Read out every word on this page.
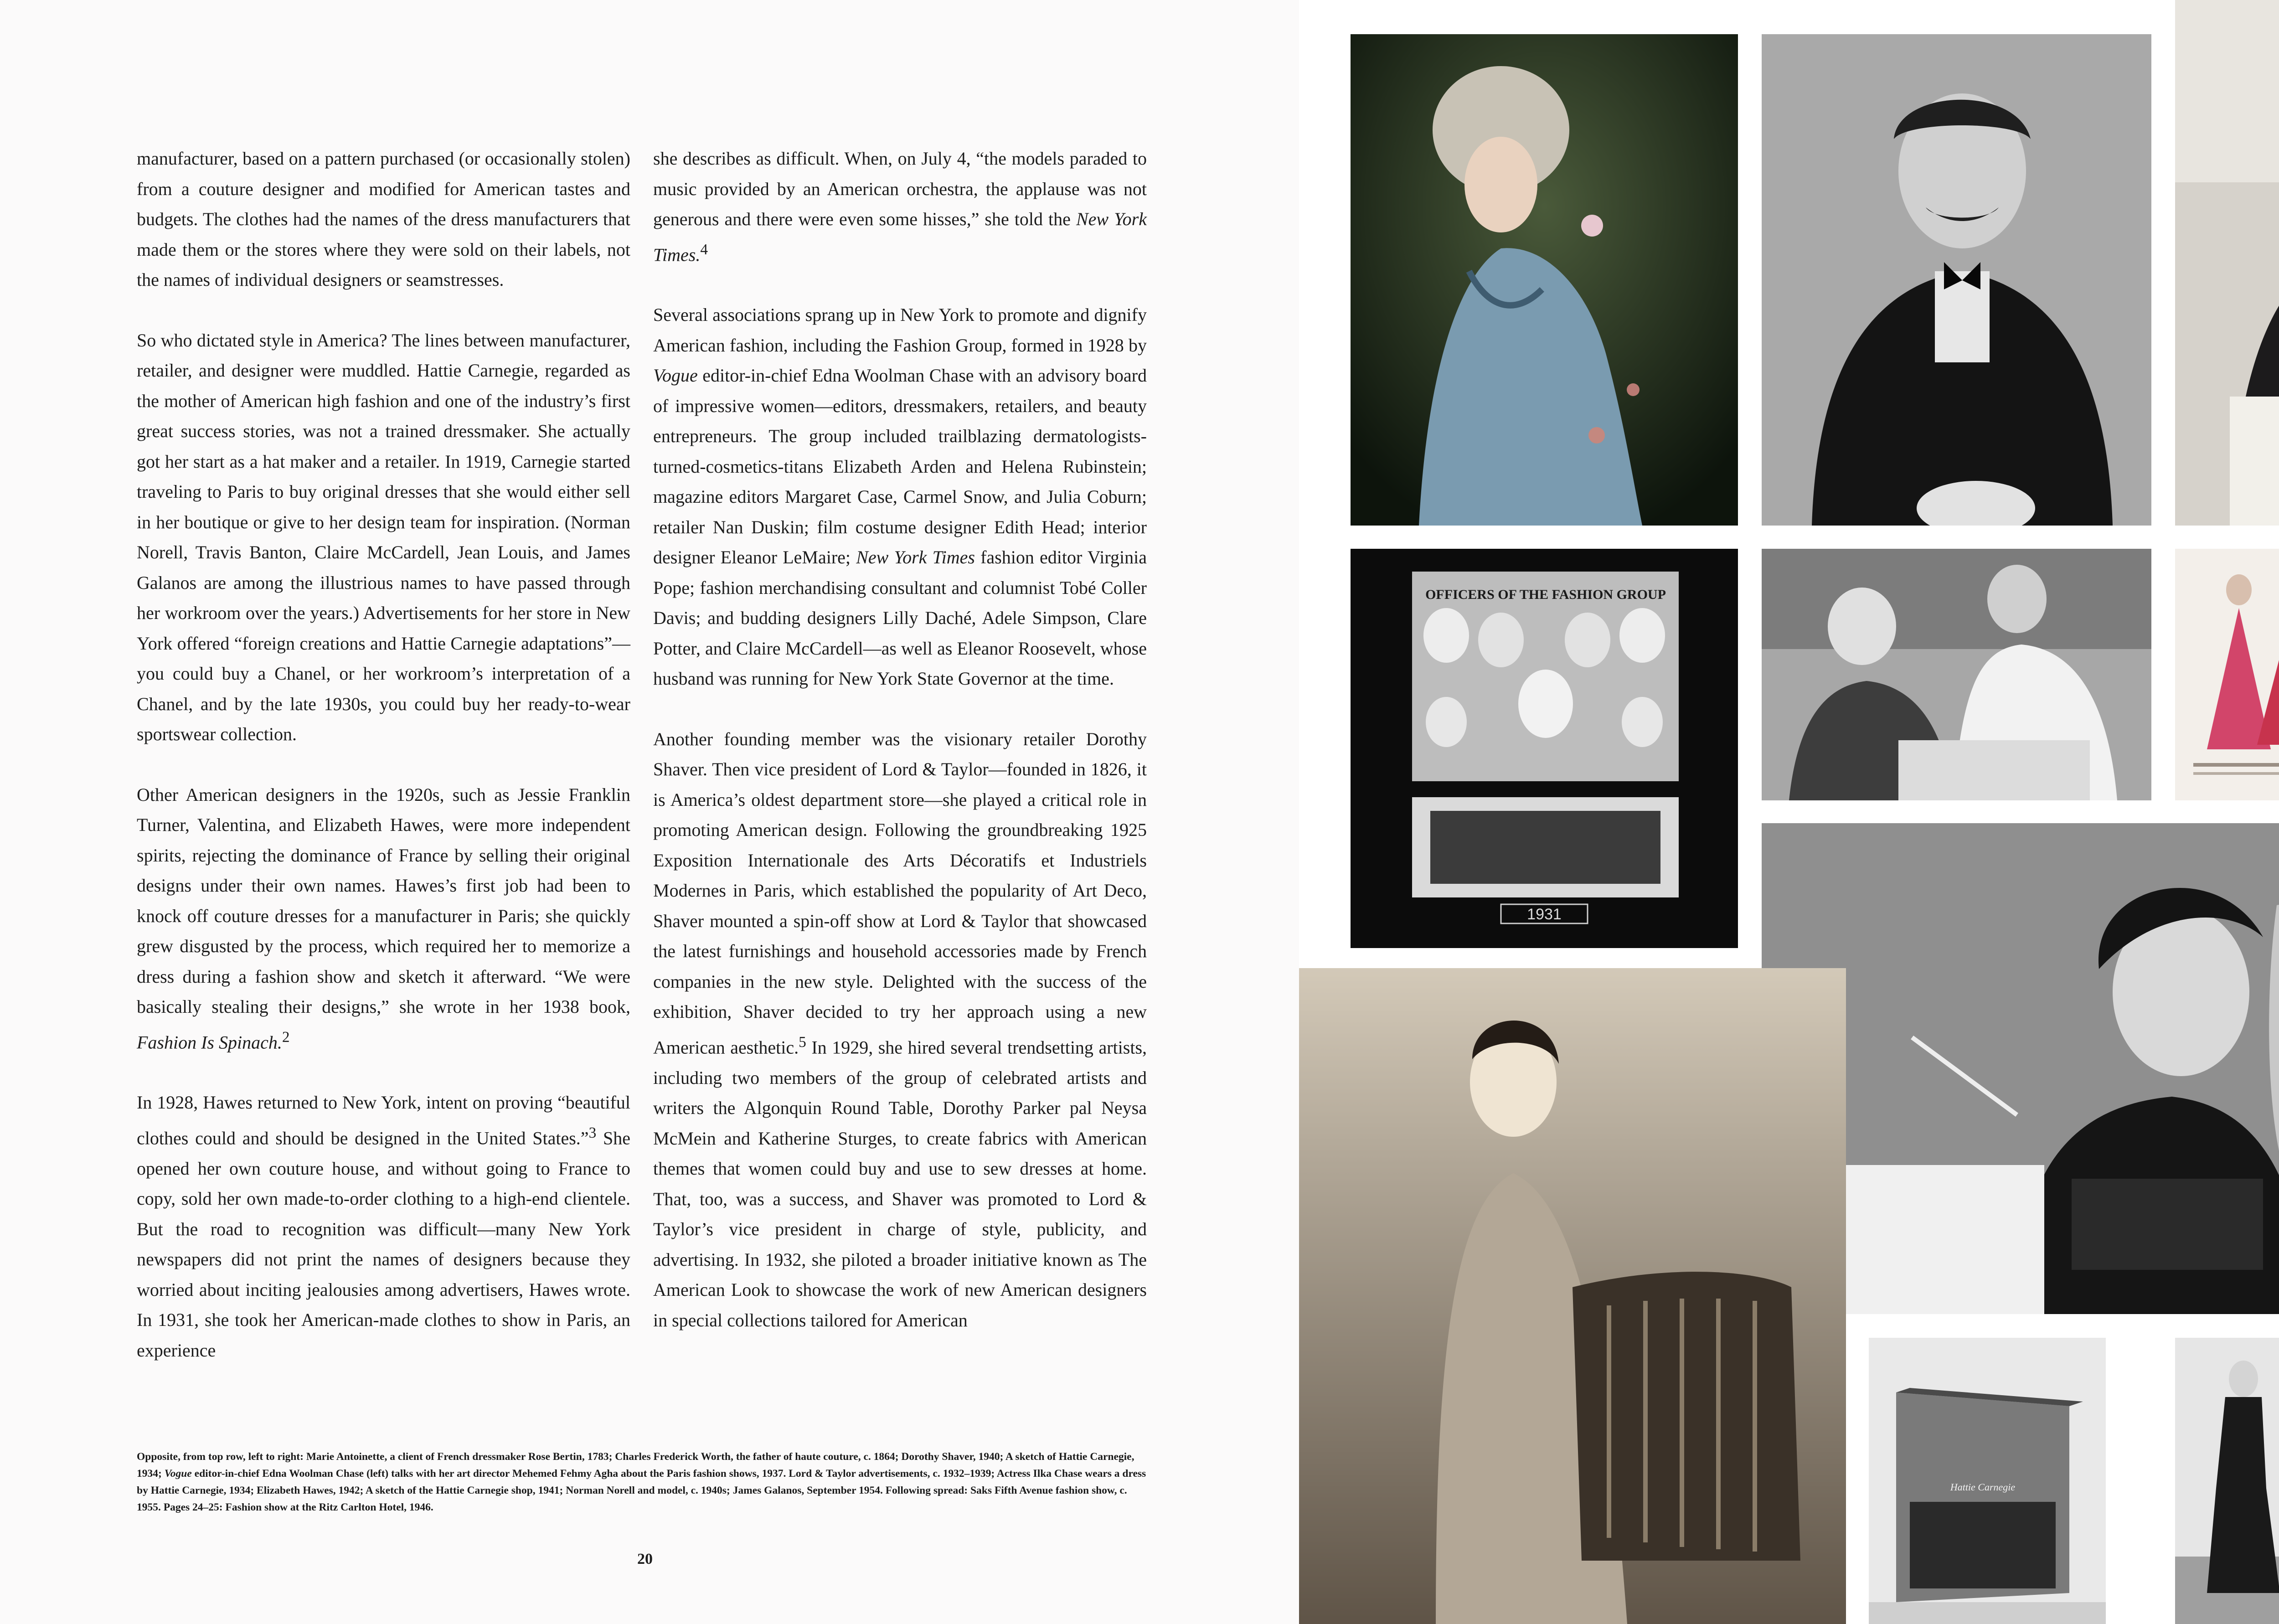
manufacturer, based on a pattern purchased (or occasionally stolen) from a couture designer and modified for American tastes and budgets. The clothes had the names of the dress manufacturers that made them or the stores where they were sold on their labels, not the names of individual designers or seamstresses.

So who dictated style in America? The lines between manufacturer, retailer, and designer were muddled. Hattie Carnegie, regarded as the mother of American high fashion and one of the industry’s first great success stories, was not a trained dressmaker. She actually got her start as a hat maker and a retailer. In 1919, Carnegie started traveling to Paris to buy original dresses that she would either sell in her boutique or give to her design team for inspiration. (Norman Norell, Travis Banton, Claire McCardell, Jean Louis, and James Galanos are among the illustrious names to have passed through her workroom over the years.) Advertisements for her store in New York offered “foreign creations and Hattie Carnegie adaptations”—you could buy a Chanel, or her workroom’s interpretation of a Chanel, and by the late 1930s, you could buy her ready-to-wear sportswear collection.

Other American designers in the 1920s, such as Jessie Franklin Turner, Valentina, and Elizabeth Hawes, were more independent spirits, rejecting the dominance of France by selling their original designs under their own names. Hawes’s first job had been to knock off couture dresses for a manufacturer in Paris; she quickly grew disgusted by the process, which required her to memorize a dress during a fashion show and sketch it afterward. “We were basically stealing their designs,” she wrote in her 1938 book, Fashion Is Spinach.$^2$

In 1928, Hawes returned to New York, intent on proving “beautiful clothes could and should be designed in the United States.”$^3$ She opened her own couture house, and without going to France to copy, sold her own made-to-order clothing to a high-end clientele. But the road to recognition was difficult—many New York newspapers did not print the names of designers because they worried about inciting jealousies among advertisers, Hawes wrote. In 1931, she took her American-made clothes to show in Paris, an experience

she describes as difficult. When, on July 4, “the models paraded to music provided by an American orchestra, the applause was not generous and there were even some hisses,” she told the New York Times.$^4$

Several associations sprang up in New York to promote and dignify American fashion, including the Fashion Group, formed in 1928 by Vogue editor-in-chief Edna Woolman Chase with an advisory board of impressive women—editors, dressmakers, retailers, and beauty entrepreneurs. The group included trailblazing dermatologists-turned-cosmetics-titans Elizabeth Arden and Helena Rubinstein; magazine editors Margaret Case, Carmel Snow, and Julia Coburn; retailer Nan Duskin; film costume designer Edith Head; interior designer Eleanor LeMaire; New York Times fashion editor Virginia Pope; fashion merchandising consultant and columnist Tobé Coller Davis; and budding designers Lilly Daché, Adele Simpson, Clare Potter, and Claire McCardell—as well as Eleanor Roosevelt, whose husband was running for New York State Governor at the time.

Another founding member was the visionary retailer Dorothy Shaver. Then vice president of Lord & Taylor—founded in 1826, it is America’s oldest department store—she played a critical role in promoting American design. Following the groundbreaking 1925 Exposition Internationale des Arts Décoratifs et Industriels Modernes in Paris, which established the popularity of Art Deco, Shaver mounted a spin-off show at Lord & Taylor that showcased the latest furnishings and household accessories made by French companies in the new style. Delighted with the success of the exhibition, Shaver decided to try her approach using a new American aesthetic.$^5$ In 1929, she hired several trendsetting artists, including two members of the group of celebrated artists and writers the Algonquin Round Table, Dorothy Parker pal Neysa McMein and Katherine Sturges, to create fabrics with American themes that women could buy and use to sew dresses at home. That, too, was a success, and Shaver was promoted to Lord & Taylor’s vice president in charge of style, publicity, and advertising. In 1932, she piloted a broader initiative known as The American Look to showcase the work of new American designers in special collections tailored for American

Opposite, from top row, left to right: Marie Antoinette, a client of French dressmaker Rose Bertin, 1783; Charles Frederick Worth, the father of haute couture, c. 1864; Dorothy Shaver, 1940; A sketch of Hattie Carnegie, 1934; Vogue editor-in-chief Edna Woolman Chase (left) talks with her art director Mehemed Fehmy Agha about the Paris fashion shows, 1937. Lord & Taylor advertisements, c. 1932–1939; Actress Ilka Chase wears a dress by Hattie Carnegie, 1934; Elizabeth Hawes, 1942; A sketch of the Hattie Carnegie shop, 1941; Norman Norell and model, c. 1940s; James Galanos, September 1954. Following spread: Saks Fifth Avenue fashion show, c. 1955. Pages 24–25: Fashion show at the Ritz Carlton Hotel, 1946.
20
OFFICERS OF THE FASHION GROUP
1931
Hattie Carnegie
